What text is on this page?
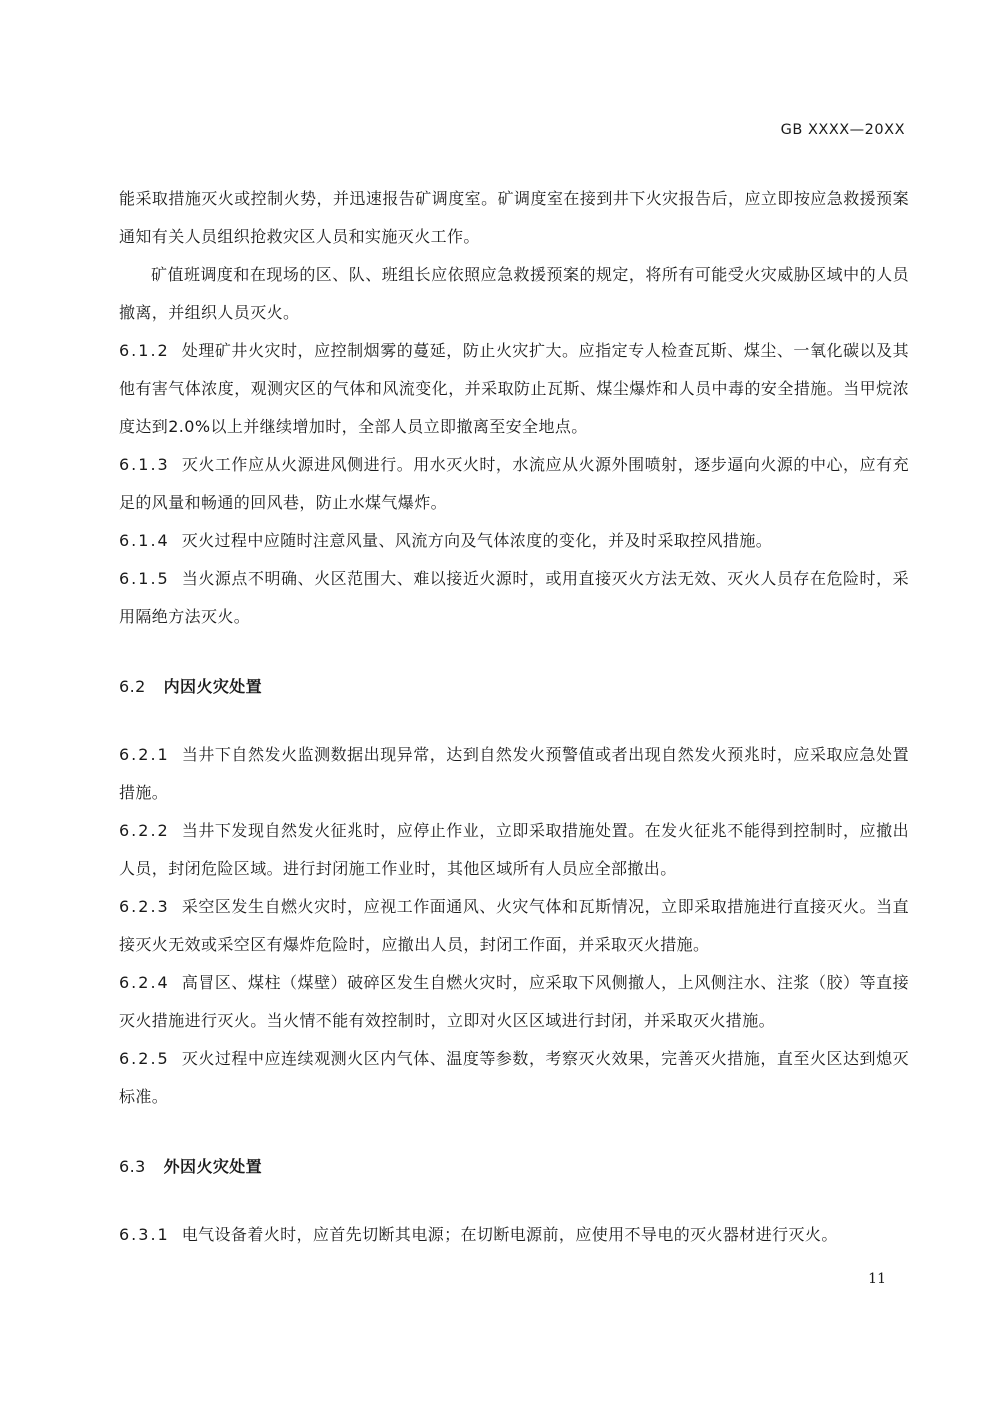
GB XXXX—20XX

能采取措施灭火或控制火势，并迅速报告矿调度室。矿调度室在接到井下火灾报告后，应立即按应急救援预案通知有关人员组织抢救灾区人员和实施灭火工作。

矿值班调度和在现场的区、队、班组长应依照应急救援预案的规定，将所有可能受火灾威胁区域中的人员撤离，并组织人员灭火。

6.1.2 处理矿井火灾时，应控制烟雾的蔓延，防止火灾扩大。应指定专人检查瓦斯、煤尘、一氧化碳以及其他有害气体浓度，观测灾区的气体和风流变化，并采取防止瓦斯、煤尘爆炸和人员中毒的安全措施。当甲烷浓度达到2.0%以上并继续增加时，全部人员立即撤离至安全地点。

6.1.3 灭火工作应从火源进风侧进行。用水灭火时，水流应从火源外围喷射，逐步逼向火源的中心，应有充足的风量和畅通的回风巷，防止水煤气爆炸。

6.1.4 灭火过程中应随时注意风量、风流方向及气体浓度的变化，并及时采取控风措施。

6.1.5 当火源点不明确、火区范围大、难以接近火源时，或用直接灭火方法无效、灭火人员存在危险时，采用隔绝方法灭火。

6.2 内因火灾处置

6.2.1 当井下自然发火监测数据出现异常，达到自然发火预警值或者出现自然发火预兆时，应采取应急处置措施。

6.2.2 当井下发现自然发火征兆时，应停止作业，立即采取措施处置。在发火征兆不能得到控制时，应撤出人员，封闭危险区域。进行封闭施工作业时，其他区域所有人员应全部撤出。

6.2.3 采空区发生自燃火灾时，应视工作面通风、火灾气体和瓦斯情况，立即采取措施进行直接灭火。当直接灭火无效或采空区有爆炸危险时，应撤出人员，封闭工作面，并采取灭火措施。

6.2.4 高冒区、煤柱（煤壁）破碎区发生自燃火灾时，应采取下风侧撤人，上风侧注水、注浆（胶）等直接灭火措施进行灭火。当火情不能有效控制时，立即对火区区域进行封闭，并采取灭火措施。

6.2.5 灭火过程中应连续观测火区内气体、温度等参数，考察灭火效果，完善灭火措施，直至火区达到熄灭标准。

6.3 外因火灾处置

6.3.1 电气设备着火时，应首先切断其电源；在切断电源前，应使用不导电的灭火器材进行灭火。

11
